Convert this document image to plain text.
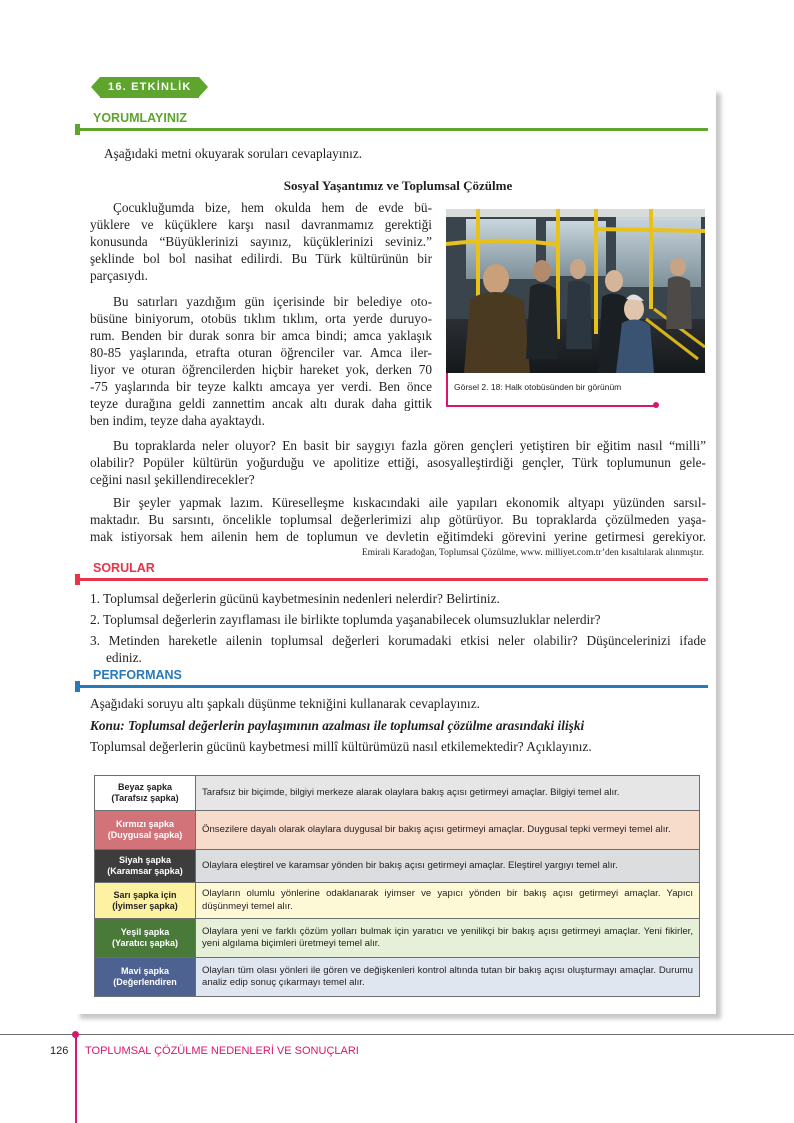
16. ETKİNLİK
YORUMLAYINIZ

Aşağıdaki metni okuyarak soruları cevaplayınız.

Sosyal Yaşantımız ve Toplumsal Çözülme

Çocukluğumda bize, hem okulda hem de evde bü-

yüklere ve küçüklere karşı nasıl davranmamız gerektiği

konusunda “Büyüklerinizi sayınız, küçüklerinizi seviniz.”

şeklinde bol bol nasihat edilirdi. Bu Türk kültürünün bir

parçasıydı.

Bu satırları yazdığım gün içerisinde bir belediye oto-

büsüne biniyorum, otobüs tıklım tıklım, orta yerde duruyo-

rum. Benden bir durak sonra bir amca bindi; amca yaklaşık

80-85 yaşlarında, etrafta oturan öğrenciler var. Amca iler-

liyor ve oturan öğrencilerden hiçbir hareket yok, derken 70

-75 yaşlarında bir teyze kalktı amcaya yer verdi. Ben önce

teyze durağına geldi zannettim ancak altı durak daha gittik

ben indim, teyze daha ayaktaydı.

Görsel 2. 18: Halk otobüsünden bir görünüm

Bu topraklarda neler oluyor? En basit bir saygıyı fazla gören gençleri yetiştiren bir eğitim nasıl “milli”

olabilir? Popüler kültürün yoğurduğu ve apolitize ettiği, asosyalleştirdiği gençler, Türk toplumunun gele-

ceğini nasıl şekillendirecekler?

Bir şeyler yapmak lazım. Küreselleşme kıskacındaki aile yapıları ekonomik altyapı yüzünden sarsıl-

maktadır. Bu sarsıntı, öncelikle toplumsal değerlerimizi alıp götürüyor. Bu topraklarda çözülmeden yaşa-

mak istiyorsak hem ailenin hem de toplumun ve devletin eğitimdeki görevini yerine getirmesi gerekiyor.

Emirali Karadoğan, Toplumsal Çözülme, www. milliyet.com.tr’den kısaltılarak alınmıştır.
SORULAR

1. Toplumsal değerlerin gücünü kaybetmesinin nedenleri nelerdir? Belirtiniz.

2. Toplumsal değerlerin zayıflaması ile birlikte toplumda yaşanabilecek olumsuzluklar nelerdir?

3. Metinden hareketle ailenin toplumsal değerleri korumadaki etkisi neler olabilir? Düşüncelerinizi ifade

ediniz.

PERFORMANS

Aşağıdaki soruyu altı şapkalı düşünme tekniğini kullanarak cevaplayınız.

Konu: Toplumsal değerlerin paylaşımının azalması ile toplumsal çözülme arasındaki ilişki

Toplumsal değerlerin gücünü kaybetmesi millî kültürümüzü nasıl etkilemektedir? Açıklayınız.

Beyaz şapka
(Tarafsız şapka)	Tarafsız bir biçimde, bilgiyi merkeze alarak olaylara bakış açısı getirmeyi amaçlar. Bilgiyi temel alır.

Kırmızı şapka
(Duygusal şapka)	Önsezilere dayalı olarak olaylara duygusal bir bakış açısı getirmeyi amaçlar. Duygusal tepki vermeyi temel alır.

Siyah şapka
(Karamsar şapka)	Olaylara eleştirel ve karamsar yönden bir bakış açısı getirmeyi amaçlar. Eleştirel yargıyı temel alır.

Sarı şapka için
(İyimser şapka)	Olayların olumlu yönlerine odaklanarak iyimser ve yapıcı yönden bir bakış açısı getirmeyi amaçlar. Yapıcı düşünmeyi temel alır.

Yeşil şapka
(Yaratıcı şapka)	Olaylara yeni ve farklı çözüm yolları bulmak için yaratıcı ve yenilikçi bir bakış açısı getirmeyi amaçlar. Yeni fikirler, yeni algılama biçimleri üretmeyi temel alır.

Mavi şapka
(Değerlendiren	Olayları tüm olası yönleri ile gören ve değişkenleri kontrol altında tutan bir bakış açısı oluşturmayı amaçlar. Durumu analiz edip sonuç çıkarmayı temel alır.
126 TOPLUMSAL ÇÖZÜLME NEDENLERİ VE SONUÇLARI
